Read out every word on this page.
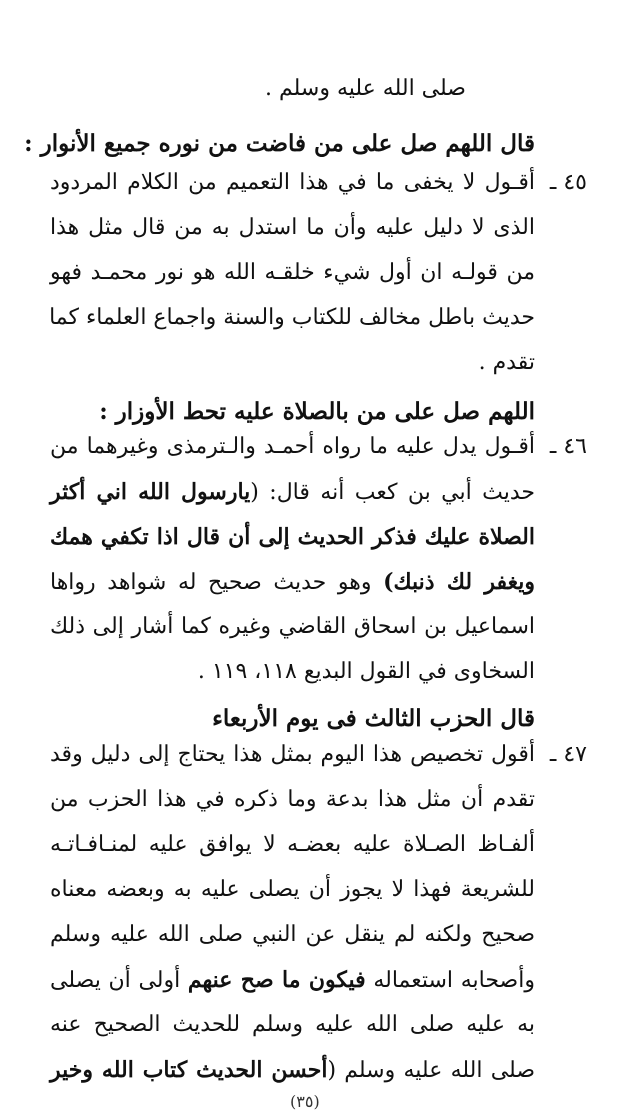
صلى الله عليه وسلم .
قال اللهم صل على من فاضت من نوره جميع الأنوار :
٤٥ ـ
أقـول لا يخفى ما في هذا التعميم من الكلام المردود
الذى لا دليل عليه وأن ما استدل به من قال مثل هذا
من قولـه ان أول شيء خلقـه الله هو نور محمـد فهو
حديث باطل مخالف للكتاب والسنة واجماع العلماء كما
تقدم .
اللهم صل على من بالصلاة عليه تحط الأوزار :
٤٦ ـ
أقـول يدل عليه ما رواه أحمـد والـترمذى وغيرهما من
حديث أبي بن كعب أنه قال: (يارسول الله اني أكثر
الصلاة عليك فذكر الحديث إلى أن قال اذا تكفي همك
ويغفر لك ذنبك) وهو حديث صحيح له شواهد رواها
اسماعيل بن اسحاق القاضي وغيره كما أشار إلى ذلك
السخاوى في القول البديع ١١٨، ١١٩ .
قال الحزب الثالث فى يوم الأربعاء
٤٧ ـ
أقول تخصيص هذا اليوم بمثل هذا يحتاج إلى دليل وقد
تقدم أن مثل هذا بدعة وما ذكره في هذا الحزب من
ألفـاظ الصـلاة عليه بعضـه لا يوافق عليه لمنـافـاتـه
للشريعة فهذا لا يجوز أن يصلى عليه به وبعضه معناه
صحيح ولكنه لم ينقل عن النبي صلى الله عليه وسلم
وأصحابه استعماله فيكون ما صح عنهم أولى أن يصلى
به عليه صلى الله عليه وسلم للحديث الصحيح عنه
صلى الله عليه وسلم (أحسن الحديث كتاب الله وخير
(٣٥)
